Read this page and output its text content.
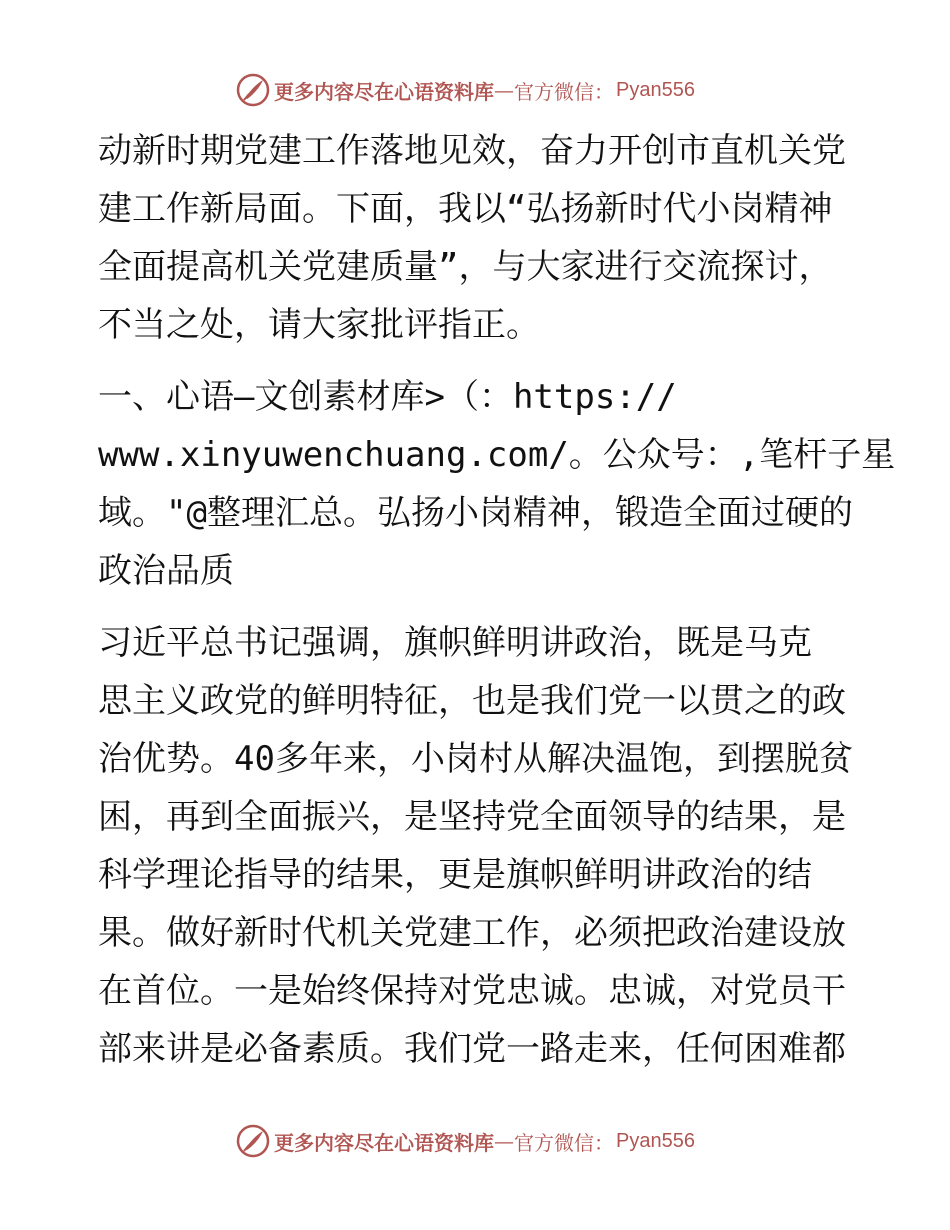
更多内容尽在心语资料库 — 官方微信： Pyan556

动新时期党建工作落地见效，奋力开创市直机关党
建工作新局面。下面，我以“弘扬新时代小岗精神
全面提高机关党建质量”，与大家进行交流探讨，
不当之处，请大家批评指正。

一、心语—文创素材库>（：https://
www.xinyuwenchuang.com/。公众号：,笔杆子星
域。"@整理汇总。弘扬小岗精神，锻造全面过硬的
政治品质

习近平总书记强调，旗帜鲜明讲政治，既是马克
思主义政党的鲜明特征，也是我们党一以贯之的政
治优势。40多年来，小岗村从解决温饱，到摆脱贫
困，再到全面振兴，是坚持党全面领导的结果，是
科学理论指导的结果，更是旗帜鲜明讲政治的结
果。做好新时代机关党建工作，必须把政治建设放
在首位。一是始终保持对党忠诚。忠诚，对党员干
部来讲是必备素质。我们党一路走来，任何困难都

更多内容尽在心语资料库 — 官方微信： Pyan556
